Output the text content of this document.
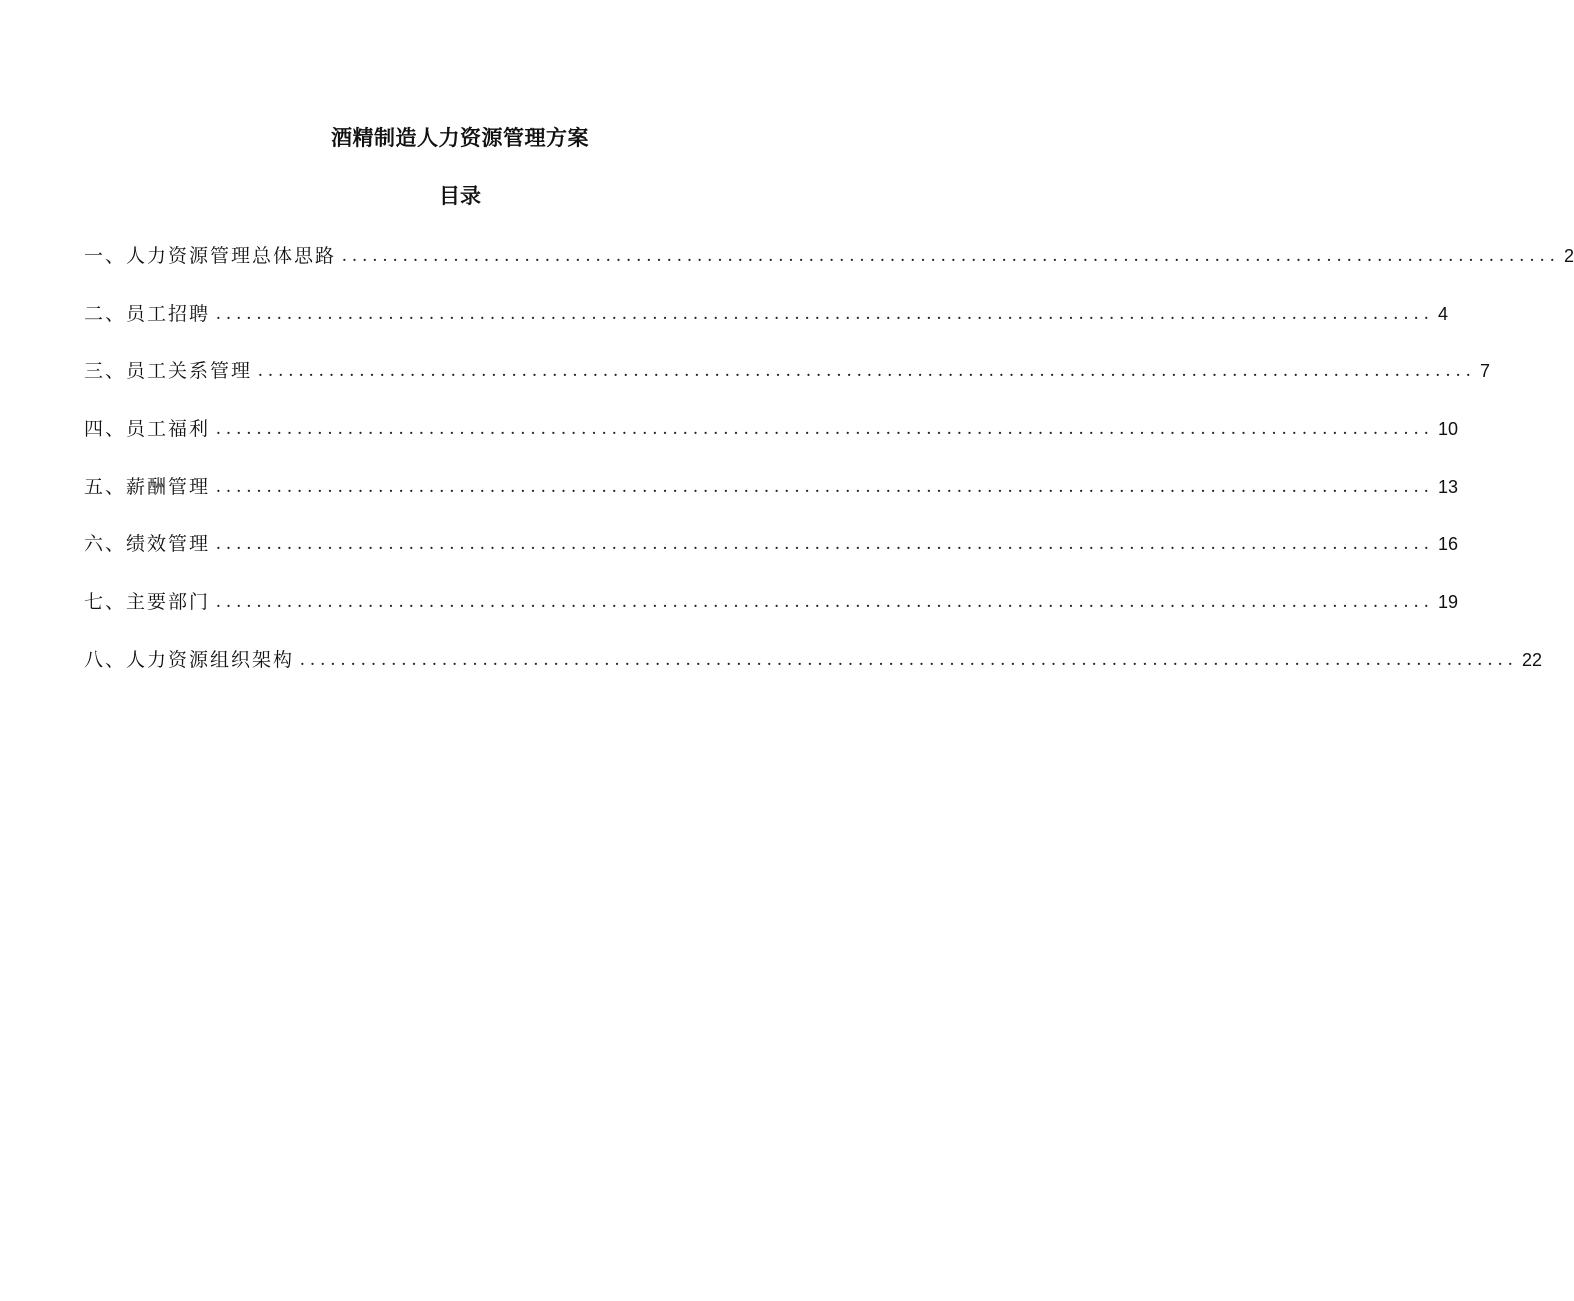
酒精制造人力资源管理方案
目录
一、人力资源管理总体思路 ........................................................................................................................ 2
二、员工招聘 ........................................................................................................................ 4
三、员工关系管理 ........................................................................................................................ 7
四、员工福利 ........................................................................................................................ 10
五、薪酬管理 ........................................................................................................................ 13
六、绩效管理 ........................................................................................................................ 16
七、主要部门 ........................................................................................................................ 19
八、人力资源组织架构 ........................................................................................................................ 22
